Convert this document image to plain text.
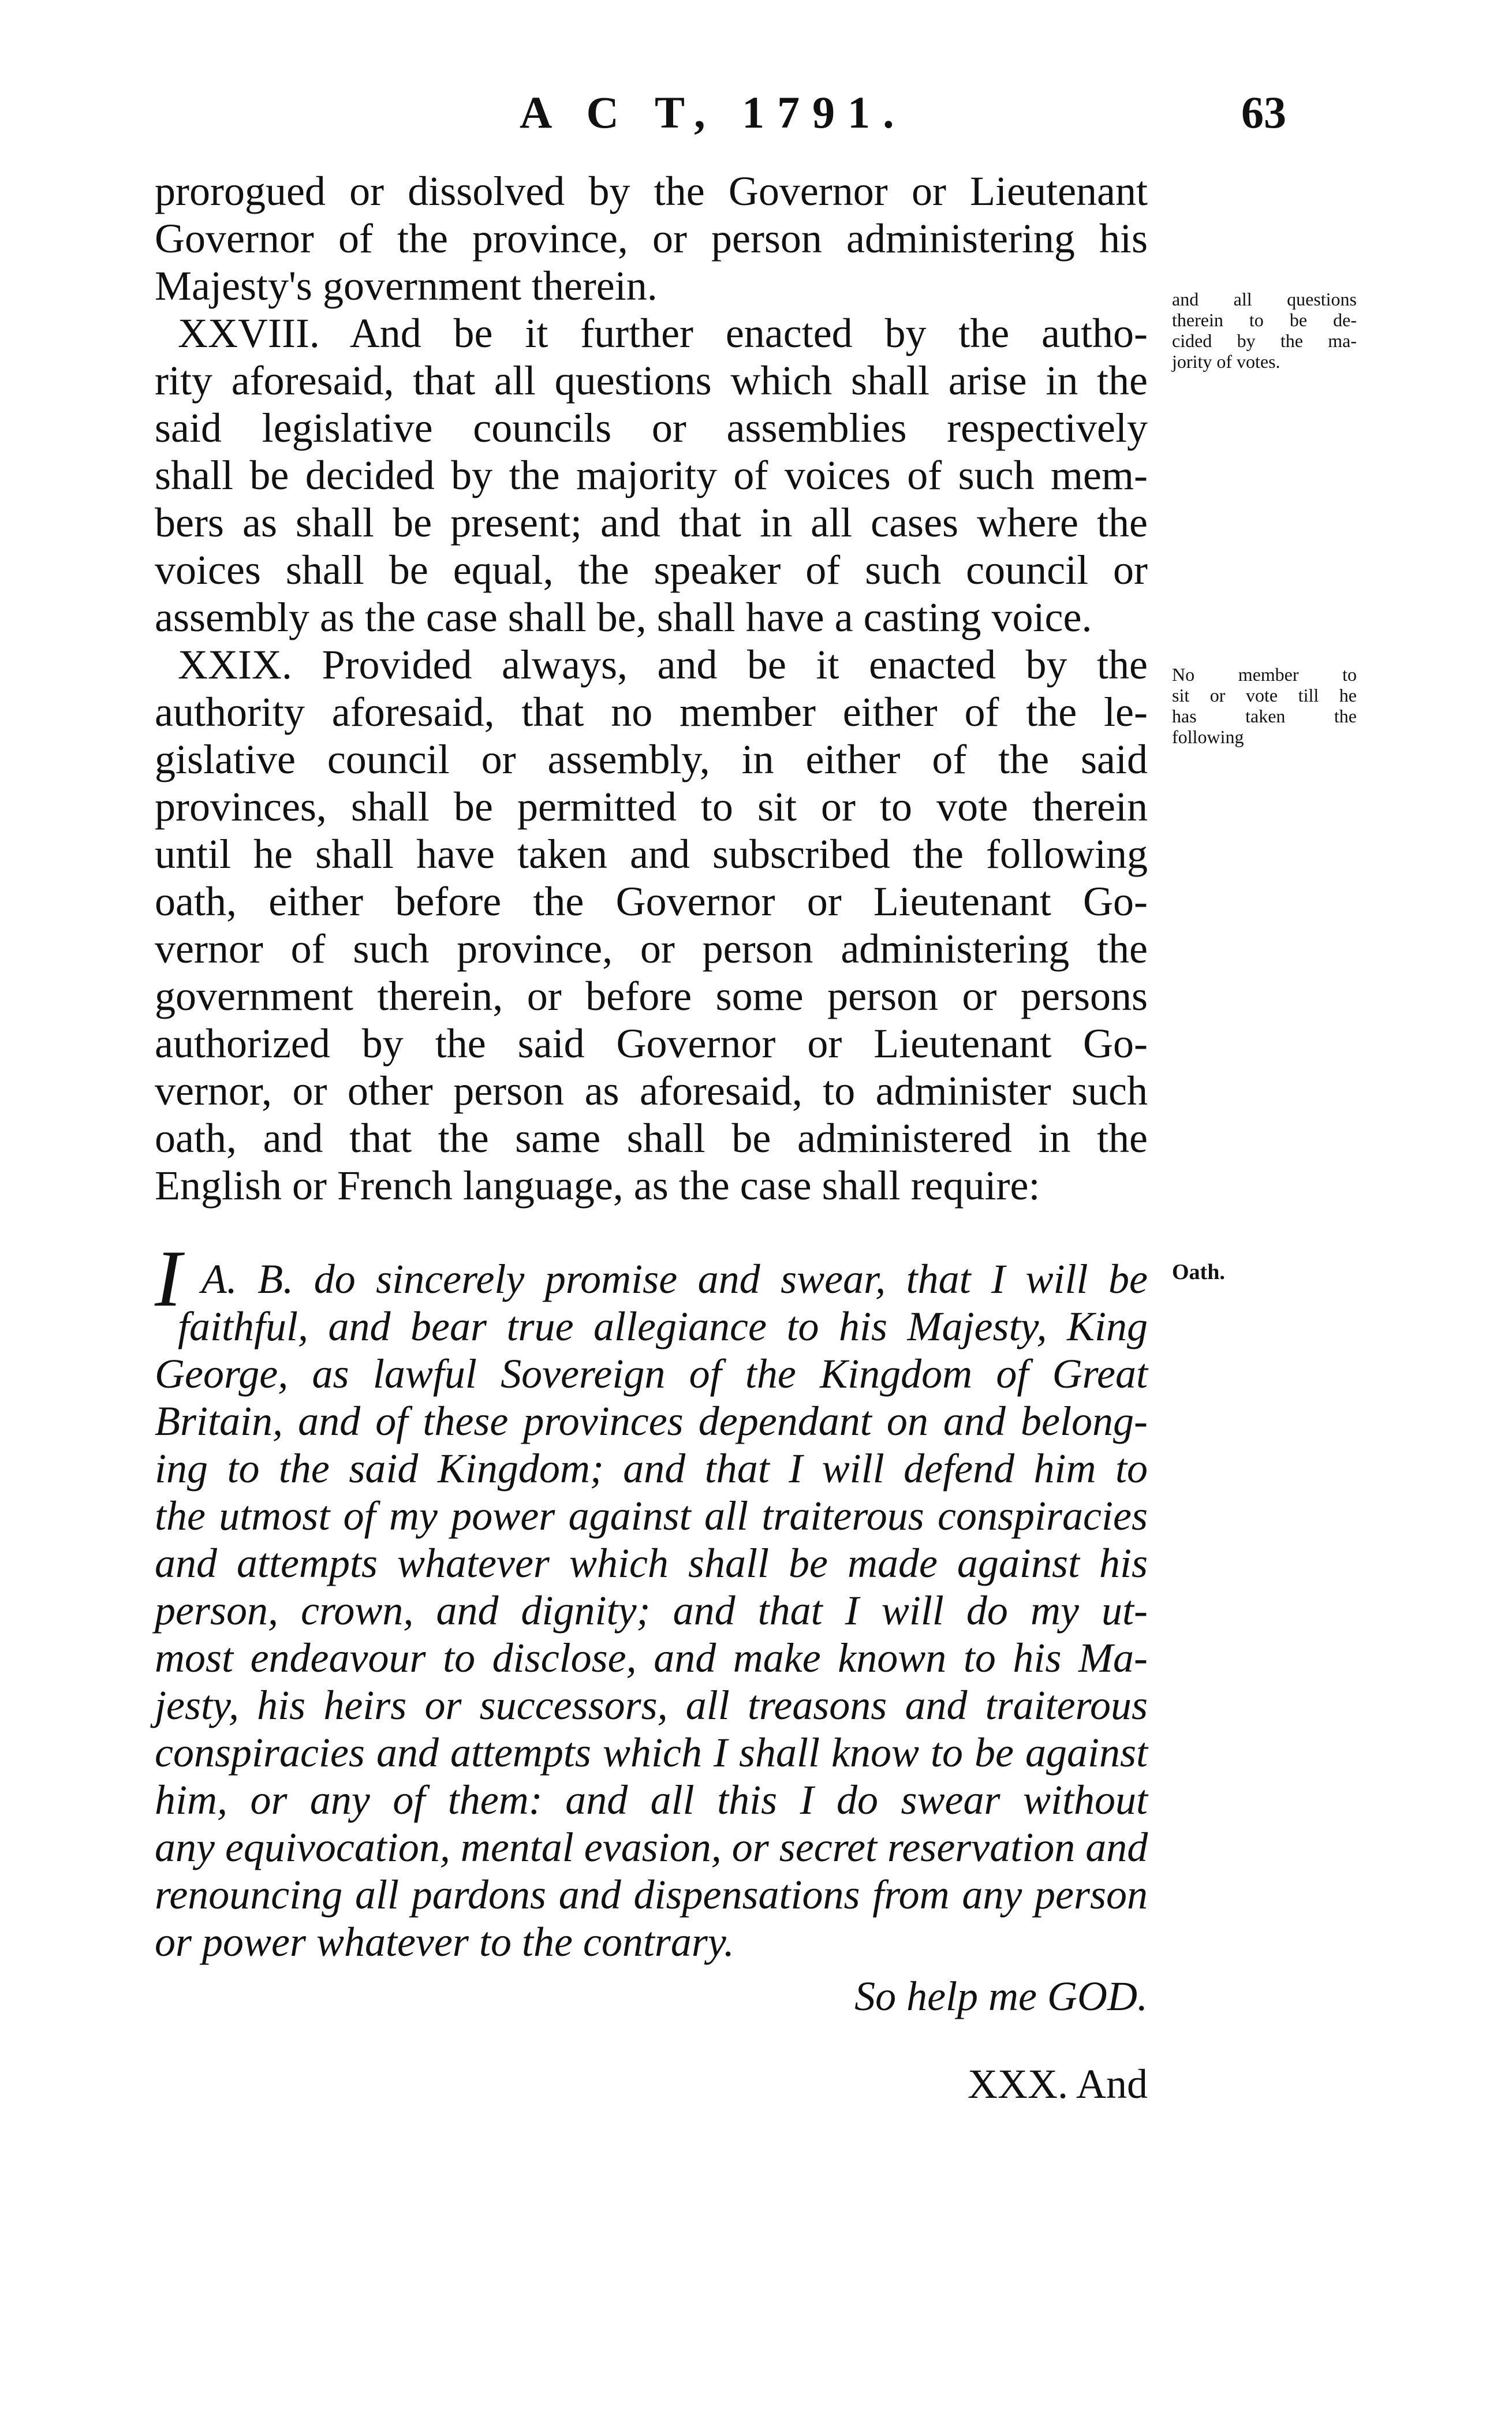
A C T, 1791.	63
prorogued or dissolved by the Governor or Lieutenant
Governor of the province, or person administering his
Majesty's government therein.
XXVIII. And be it further enacted by the autho-
rity aforesaid, that all questions which shall arise in the
said legislative councils or assemblies respectively
shall be decided by the majority of voices of such mem-
bers as shall be present; and that in all cases where the
voices shall be equal, the speaker of such council or
assembly as the case shall be, shall have a casting voice.
XXIX. Provided always, and be it enacted by the
authority aforesaid, that no member either of the le-
gislative council or assembly, in either of the said
provinces, shall be permitted to sit or to vote therein
until he shall have taken and subscribed the following
oath, either before the Governor or Lieutenant Go-
vernor of such province, or person administering the
government therein, or before some person or persons
authorized by the said Governor or Lieutenant Go-
vernor, or other person as aforesaid, to administer such
oath, and that the same shall be administered in the
English or French language, as the case shall require:
I A. B. do sincerely promise and swear, that I will be
faithful, and bear true allegiance to his Majesty, King
George, as lawful Sovereign of the Kingdom of Great
Britain, and of these provinces dependant on and belong-
ing to the said Kingdom; and that I will defend him to
the utmost of my power against all traiterous conspiracies
and attempts whatever which shall be made against his
person, crown, and dignity; and that I will do my ut-
most endeavour to disclose, and make known to his Ma-
jesty, his heirs or successors, all treasons and traiterous
conspiracies and attempts which I shall know to be against
him, or any of them: and all this I do swear without
any equivocation, mental evasion, or secret reservation and
renouncing all pardons and dispensations from any person
or power whatever to the contrary.
So help me GOD.
XXX. And
and all questions
therein to be de-
cided by the ma-
jority of votes.
No member to
sit or vote till he
has taken the
following
Oath.
